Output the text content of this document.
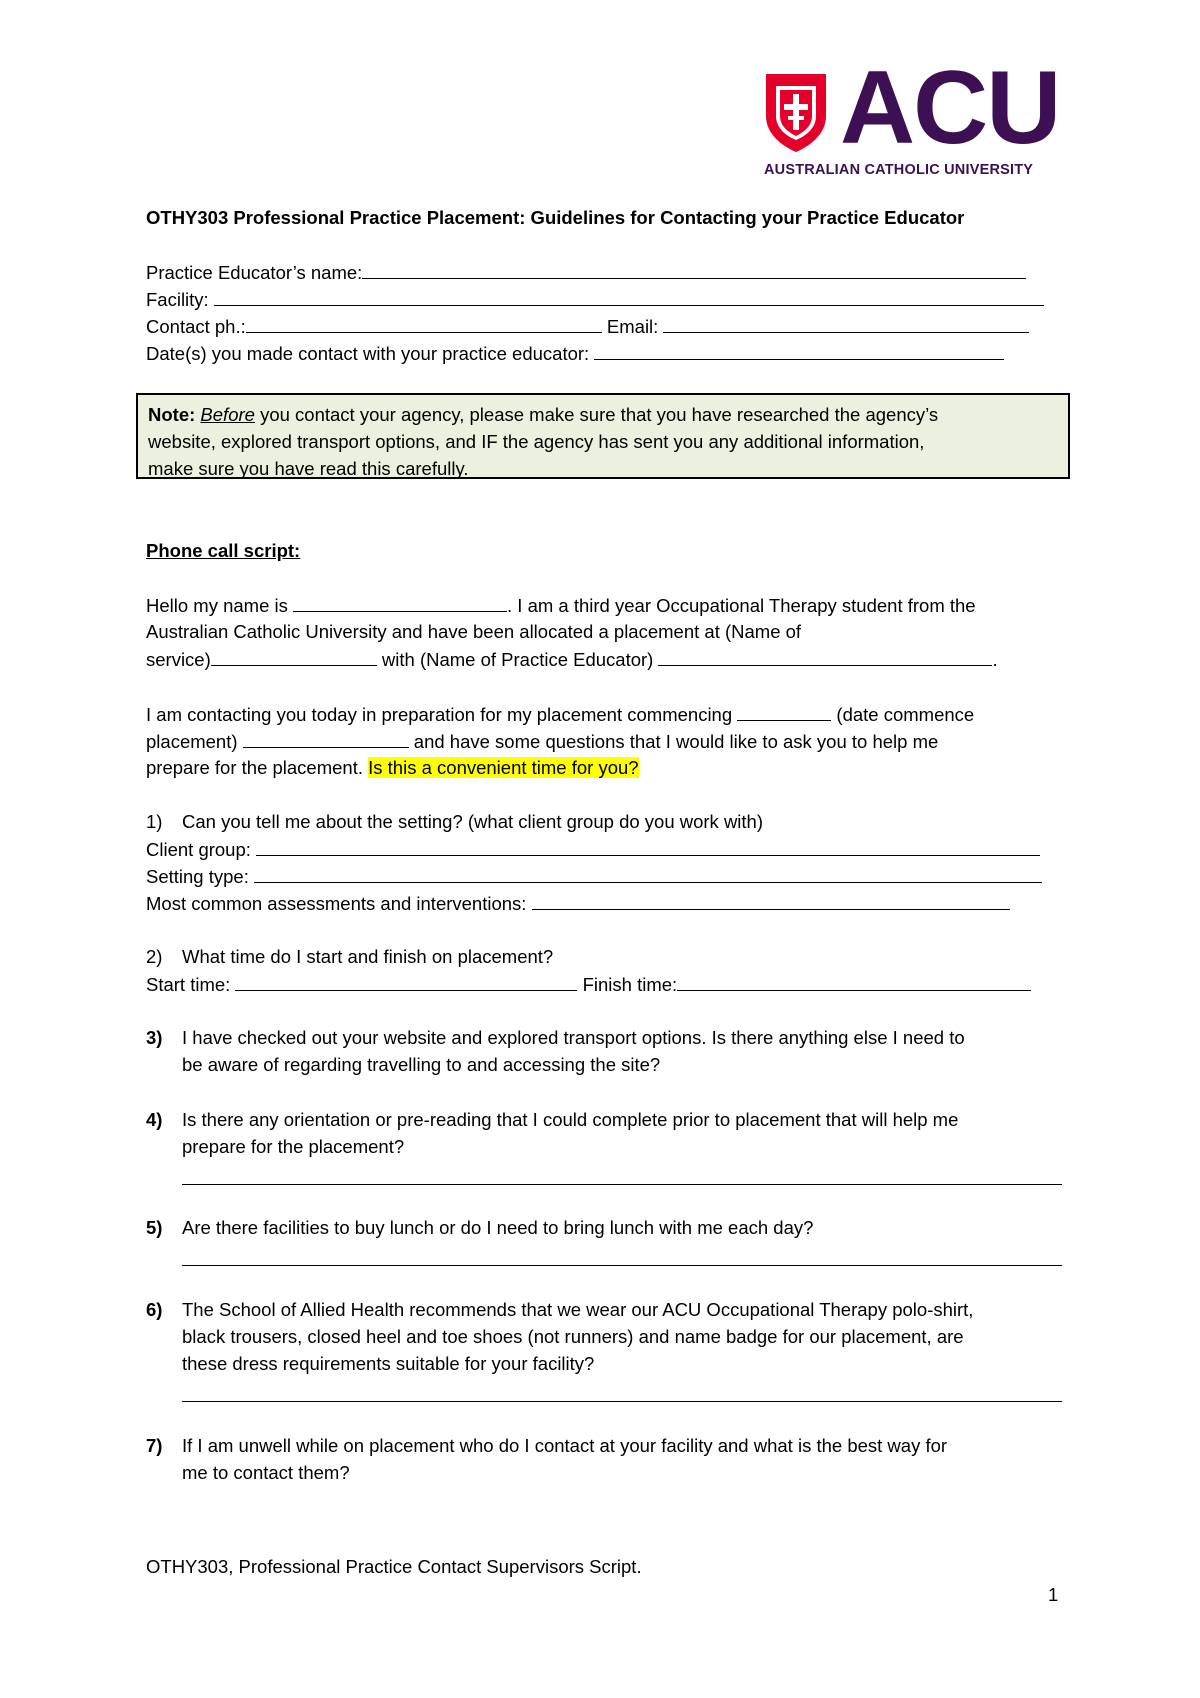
ACU
AUSTRALIAN CATHOLIC UNIVERSITY
OTHY303 Professional Practice Placement: Guidelines for Contacting your Practice Educator
Practice Educator’s name:
Facility:
Contact ph.:	Email:
Date(s) you made contact with your practice educator:

Note: Before you contact your agency, please make sure that you have researched the agency’s

website, explored transport options, and IF the agency has sent you any additional information,

make sure you have read this carefully.

Phone call script:
Hello my name is	. I am a third year Occupational Therapy student from the
Australian Catholic University and have been allocated a placement at (Name of
service)	with (Name of Practice Educator)	.
I am contacting you today in preparation for my placement commencing	(date commence
placement)	and have some questions that I would like to ask you to help me
prepare for the placement. Is this a convenient time for you?
1)	Can you tell me about the setting? (what client group do you work with)
Client group:
Setting type:
Most common assessments and interventions:
2)	What time do I start and finish on placement?
Start time:	Finish time:
3)	I have checked out your website and explored transport options. Is there anything else I need to
be aware of regarding travelling to and accessing the site?
4)	Is there any orientation or pre-reading that I could complete prior to placement that will help me
prepare for the placement?
5)	Are there facilities to buy lunch or do I need to bring lunch with me each day?
6)	The School of Allied Health recommends that we wear our ACU Occupational Therapy polo-shirt,
black trousers, closed heel and toe shoes (not runners) and name badge for our placement, are
these dress requirements suitable for your facility?
7)	If I am unwell while on placement who do I contact at your facility and what is the best way for
me to contact them?
OTHY303, Professional Practice Contact Supervisors Script.
1
